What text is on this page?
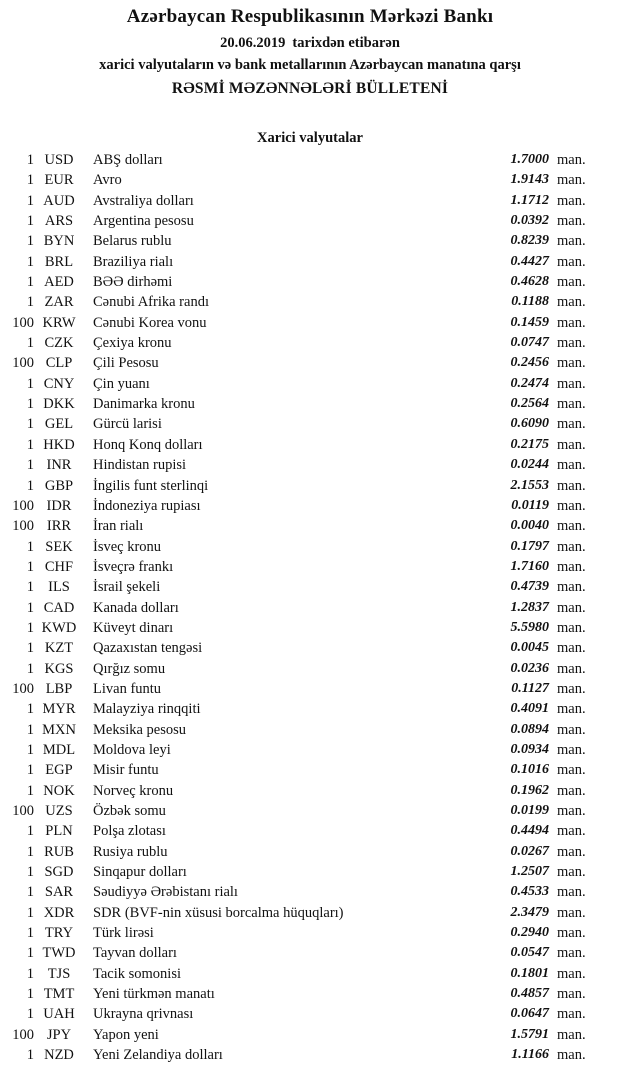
Azərbaycan Respublikasının Mərkəzi Bankı
20.06.2019 tarixdən etibarən
xarici valyutaların və bank metallarının Azərbaycan manatına qarşı
RƏSMİ MƏZƏNNƏLƏRİ BÜLLETENİ
Xarici valyutalar
1 USD	ABŞ dolları	1.7000 man.
1 EUR	Avro	1.9143 man.
1 AUD	Avstraliya dolları	1.1712 man.
1 ARS	Argentina pesosu	0.0392 man.
1 BYN	Belarus rublu	0.8239 man.
1 BRL	Braziliya rialı	0.4427 man.
1 AED	BƏƏ dirhəmi	0.4628 man.
1 ZAR	Cənubi Afrika randı	0.1188 man.
100 KRW	Cənubi Korea vonu	0.1459 man.
1 CZK	Çexiya kronu	0.0747 man.
100 CLP	Çili Pesosu	0.2456 man.
1 CNY	Çin yuanı	0.2474 man.
1 DKK	Danimarka kronu	0.2564 man.
1 GEL	Gürcü larisi	0.6090 man.
1 HKD	Honq Konq dolları	0.2175 man.
1 INR	Hindistan rupisi	0.0244 man.
1 GBP	İngilis funt sterlinqi	2.1553 man.
100 IDR	İndoneziya rupiası	0.0119 man.
100 IRR	İran rialı	0.0040 man.
1 SEK	İsveç kronu	0.1797 man.
1 CHF	İsveçrə frankı	1.7160 man.
1 ILS	İsrail şekeli	0.4739 man.
1 CAD	Kanada dolları	1.2837 man.
1 KWD	Küveyt dinarı	5.5980 man.
1 KZT	Qazaxıstan tengəsi	0.0045 man.
1 KGS	Qırğız somu	0.0236 man.
100 LBP	Livan funtu	0.1127 man.
1 MYR	Malayziya rinqqiti	0.4091 man.
1 MXN	Meksika pesosu	0.0894 man.
1 MDL	Moldova leyi	0.0934 man.
1 EGP	Misir funtu	0.1016 man.
1 NOK	Norveç kronu	0.1962 man.
100 UZS	Özbək somu	0.0199 man.
1 PLN	Polşa zlotası	0.4494 man.
1 RUB	Rusiya rublu	0.0267 man.
1 SGD	Sinqapur dolları	1.2507 man.
1 SAR	Səudiyyə Ərəbistanı rialı	0.4533 man.
1 XDR	SDR (BVF-nin xüsusi borcalma hüquqları)	2.3479 man.
1 TRY	Türk lirəsi	0.2940 man.
1 TWD	Tayvan dolları	0.0547 man.
1 TJS	Tacik somonisi	0.1801 man.
1 TMT	Yeni türkmən manatı	0.4857 man.
1 UAH	Ukrayna qrivnası	0.0647 man.
100 JPY	Yapon yeni	1.5791 man.
1 NZD	Yeni Zelandiya dolları	1.1166 man.
